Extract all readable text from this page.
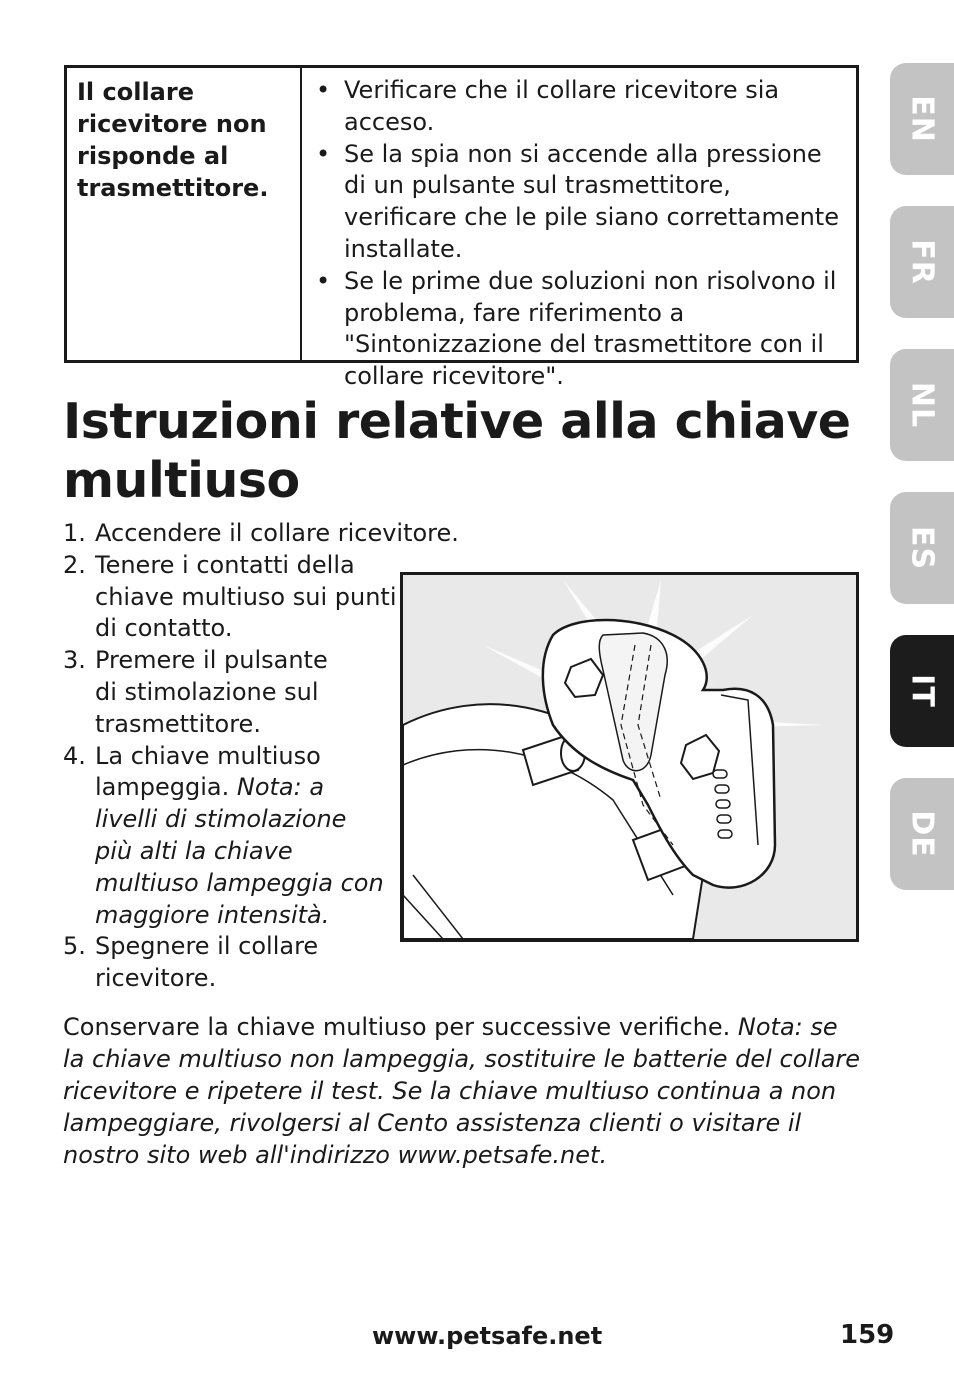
Il collare ricevitore non risponde al trasmettitore.
• Verificare che il collare ricevitore sia acceso.
• Se la spia non si accende alla pressione di un pulsante sul trasmettitore, verificare che le pile siano correttamente installate.
• Se le prime due soluzioni non risolvono il problema, fare riferimento a "Sintonizzazione del trasmettitore con il collare ricevitore".
Istruzioni relative alla chiave multiuso
1. Accendere il collare ricevitore.
2. Tenere i contatti della chiave multiuso sui punti di contatto.
3. Premere il pulsante di stimolazione sul trasmettitore.
4. La chiave multiuso lampeggia. Nota: a livelli di stimolazione più alti la chiave multiuso lampeggia con maggiore intensità.
5. Spegnere il collare ricevitore.

Conservare la chiave multiuso per successive verifiche. Nota: se la chiave multiuso non lampeggia, sostituire le batterie del collare ricevitore e ripetere il test. Se la chiave multiuso continua a non lampeggiare, rivolgersi al Cento assistenza clienti o visitare il nostro sito web all'indirizzo www.petsafe.net.

EN
FR
NL
ES
IT
DE
www.petsafe.net	159
